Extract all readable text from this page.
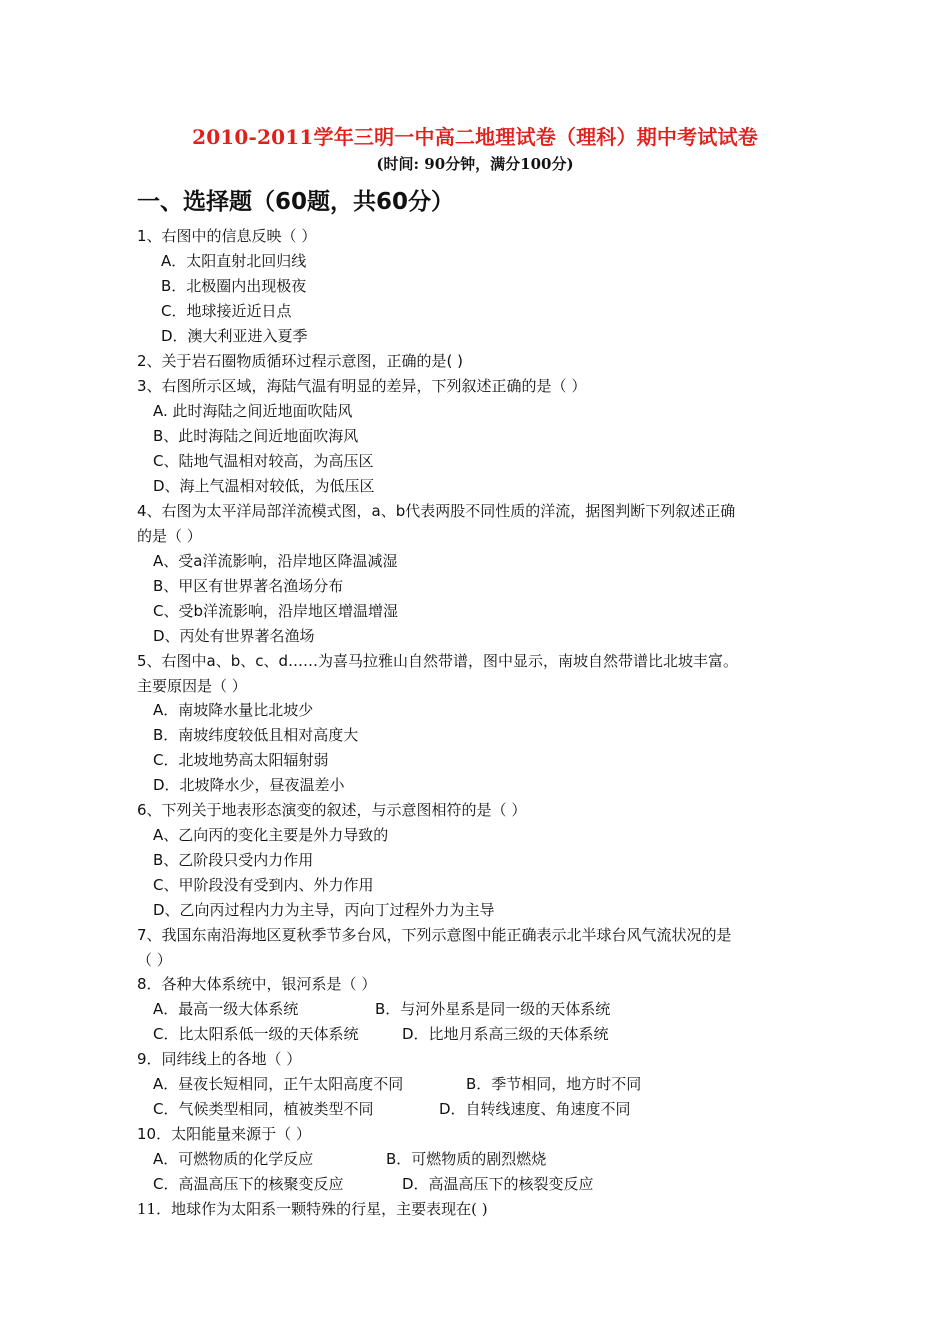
2010-2011学年三明一中高二地理试卷（理科）期中考试试卷
(时间: 90分钟，满分100分)
一、选择题（60题，共60分）
1、右图中的信息反映（ ）
A．太阳直射北回归线
B．北极圈内出现极夜
C．地球接近近日点
D．澳大利亚进入夏季
2、关于岩石圈物质循环过程示意图，正确的是( )
3、右图所示区域，海陆气温有明显的差异，下列叙述正确的是（ ）
A. 此时海陆之间近地面吹陆风
B、此时海陆之间近地面吹海风
C、陆地气温相对较高，为高压区
D、海上气温相对较低，为低压区
4、右图为太平洋局部洋流模式图，a、b代表两股不同性质的洋流，据图判断下列叙述正确
的是（ ）
A、受a洋流影响，沿岸地区降温减湿
B、甲区有世界著名渔场分布
C、受b洋流影响，沿岸地区增温增湿
D、丙处有世界著名渔场
5、右图中a、b、c、d……为喜马拉雅山自然带谱，图中显示，南坡自然带谱比北坡丰富。
主要原因是（ ）
A．南坡降水量比北坡少
B．南坡纬度较低且相对高度大
C．北坡地势高太阳辐射弱
D．北坡降水少，昼夜温差小
6、下列关于地表形态演变的叙述，与示意图相符的是（ ）
A、乙向丙的变化主要是外力导致的
B、乙阶段只受内力作用
C、甲阶段没有受到内、外力作用
D、乙向丙过程内力为主导，丙向丁过程外力为主导
7、我国东南沿海地区夏秋季节多台风，下列示意图中能正确表示北半球台风气流状况的是
（ ）
8．各种大体系统中，银河系是（ ）
A．最高一级大体系统	B．与河外星系是同一级的天体系统
C．比太阳系低一级的天体系统	D．比地月系高三级的天体系统
9．同纬线上的各地（ ）
A．昼夜长短相同，正午太阳高度不同	B．季节相同，地方时不同
C．气候类型相同，植被类型不同	D．自转线速度、角速度不同
10．太阳能量来源于（ ）
A．可燃物质的化学反应	B．可燃物质的剧烈燃烧
C．高温高压下的核聚变反应	D．高温高压下的核裂变反应
11．地球作为太阳系一颗特殊的行星，主要表现在( )
